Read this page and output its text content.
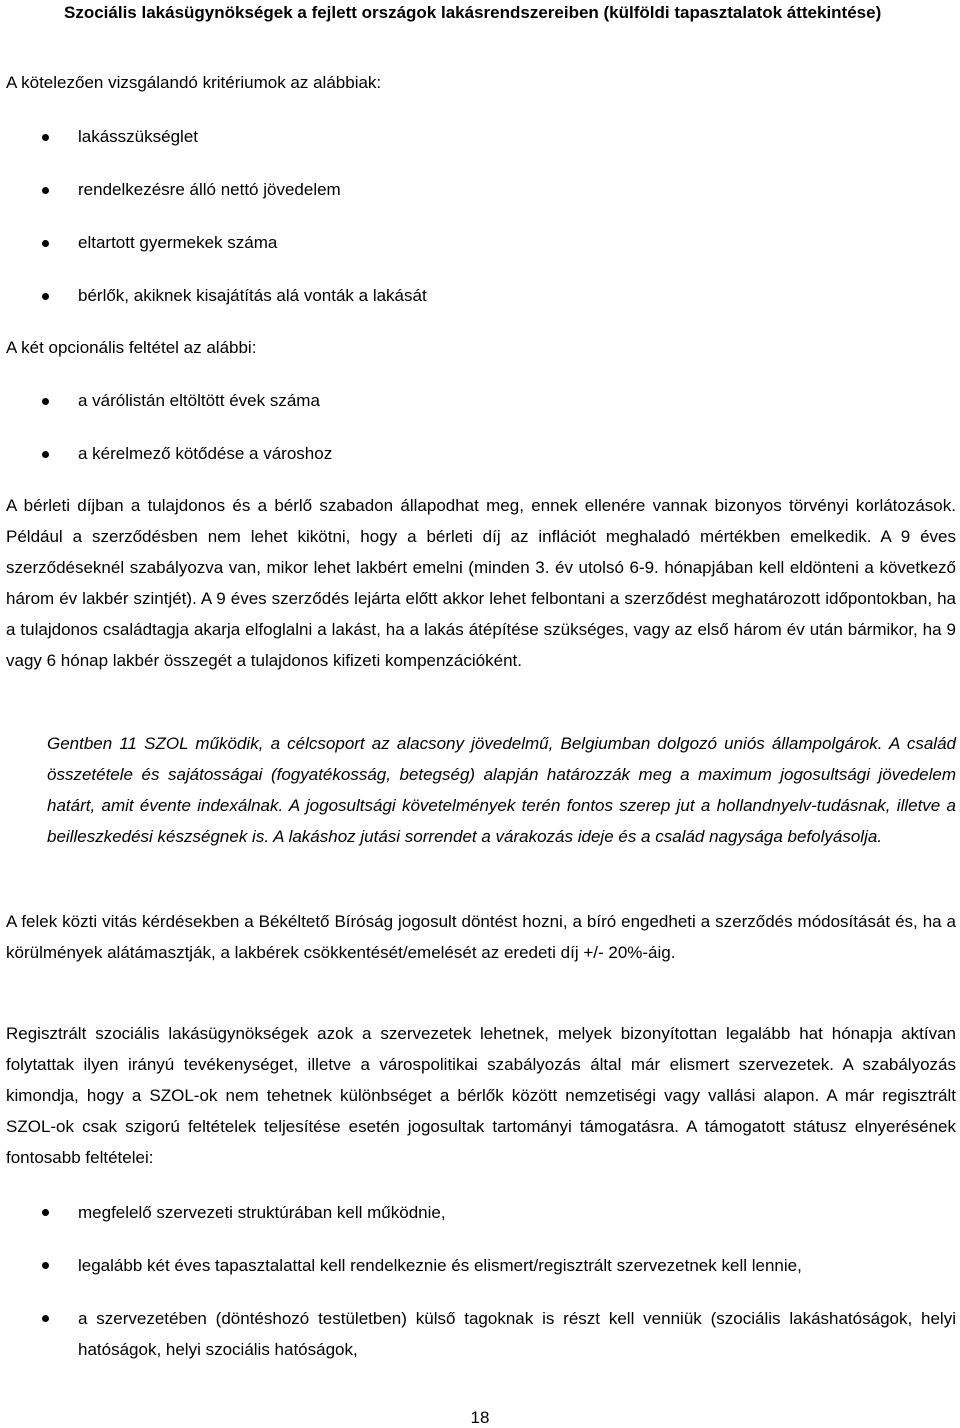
Szociális lakásügynökségek a fejlett országok lakásrendszereiben (külföldi tapasztalatok áttekintése)

A kötelezően vizsgálandó kritériumok az alábbiak:

lakásszükséglet
rendelkezésre álló nettó jövedelem
eltartott gyermekek száma
bérlők, akiknek kisajátítás alá vonták a lakását

A két opcionális feltétel az alábbi:

a várólistán eltöltött évek száma
a kérelmező kötődése a városhoz

A bérleti díjban a tulajdonos és a bérlő szabadon állapodhat meg, ennek ellenére vannak bizonyos törvényi korlátozások. Például a szerződésben nem lehet kikötni, hogy a bérleti díj az inflációt meghaladó mértékben emelkedik. A 9 éves szerződéseknél szabályozva van, mikor lehet lakbért emelni (minden 3. év utolsó 6-9. hónapjában kell eldönteni a következő három év lakbér szintjét). A 9 éves szerződés lejárta előtt akkor lehet felbontani a szerződést meghatározott időpontokban, ha a tulajdonos családtagja akarja elfoglalni a lakást, ha a lakás átépítése szükséges, vagy az első három év után bármikor, ha 9 vagy 6 hónap lakbér összegét a tulajdonos kifizeti kompenzációként.

Gentben 11 SZOL működik, a célcsoport az alacsony jövedelmű, Belgiumban dolgozó uniós állampolgárok. A család összetétele és sajátosságai (fogyatékosság, betegség) alapján határozzák meg a maximum jogosultsági jövedelem határt, amit évente indexálnak. A jogosultsági követelmények terén fontos szerep jut a hollandnyelv-tudásnak, illetve a beilleszkedési készségnek is. A lakáshoz jutási sorrendet a várakozás ideje és a család nagysága befolyásolja.

A felek közti vitás kérdésekben a Békéltető Bíróság jogosult döntést hozni, a bíró engedheti a szerződés módosítását és, ha a körülmények alátámasztják, a lakbérek csökkentését/emelését az eredeti díj +/- 20%-áig.

Regisztrált szociális lakásügynökségek azok a szervezetek lehetnek, melyek bizonyítottan legalább hat hónapja aktívan folytattak ilyen irányú tevékenységet, illetve a várospolitikai szabályozás által már elismert szervezetek. A szabályozás kimondja, hogy a SZOL-ok nem tehetnek különbséget a bérlők között nemzetiségi vagy vallási alapon. A már regisztrált SZOL-ok csak szigorú feltételek teljesítése esetén jogosultak tartományi támogatásra. A támogatott státusz elnyerésének fontosabb feltételei:

megfelelő szervezeti struktúrában kell működnie,
legalább két éves tapasztalattal kell rendelkeznie és elismert/regisztrált szervezetnek kell lennie,
a szervezetében (döntéshozó testületben) külső tagoknak is részt kell venniük (szociális lakáshatóságok, helyi hatóságok, helyi szociális hatóságok,
18
